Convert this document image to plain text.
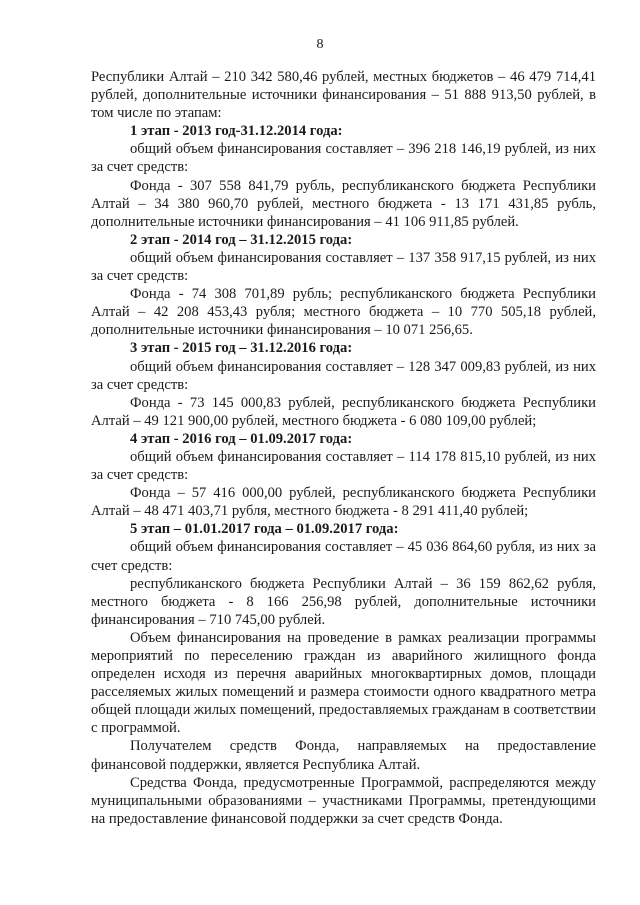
8

Республики Алтай – 210 342 580,46 рублей, местных бюджетов – 46 479 714,41 рублей, дополнительные источники финансирования – 51 888 913,50 рублей, в том числе по этапам:

1 этап - 2013 год-31.12.2014 года:

общий объем финансирования составляет – 396 218 146,19 рублей, из них за счет средств:

Фонда - 307 558 841,79 рубль, республиканского бюджета Республики Алтай – 34 380 960,70 рублей, местного бюджета - 13 171 431,85 рубль, дополнительные источники финансирования – 41 106 911,85 рублей.

2 этап - 2014 год – 31.12.2015 года:

общий объем финансирования составляет – 137 358 917,15 рублей, из них за счет средств:

Фонда - 74 308 701,89 рубль; республиканского бюджета Республики Алтай – 42 208 453,43 рубля; местного бюджета – 10 770 505,18 рублей, дополнительные источники финансирования – 10 071 256,65.

3 этап - 2015 год – 31.12.2016 года:

общий объем финансирования составляет – 128 347 009,83 рублей, из них за счет средств:

Фонда - 73 145 000,83 рублей, республиканского бюджета Республики Алтай – 49 121 900,00 рублей, местного бюджета - 6 080 109,00 рублей;

4 этап - 2016 год – 01.09.2017 года:

общий объем финансирования составляет – 114 178 815,10 рублей, из них за счет средств:

Фонда – 57 416 000,00 рублей, республиканского бюджета Республики Алтай – 48 471 403,71 рубля, местного бюджета - 8 291 411,40 рублей;

5 этап – 01.01.2017 года – 01.09.2017 года:

общий объем финансирования составляет – 45 036 864,60 рубля, из них за счет средств:

республиканского бюджета Республики Алтай – 36 159 862,62 рубля, местного бюджета - 8 166 256,98 рублей, дополнительные источники финансирования – 710 745,00 рублей.

Объем финансирования на проведение в рамках реализации программы мероприятий по переселению граждан из аварийного жилищного фонда определен исходя из перечня аварийных многоквартирных домов, площади расселяемых жилых помещений и размера стоимости одного квадратного метра общей площади жилых помещений, предоставляемых гражданам в соответствии с программой.

Получателем средств Фонда, направляемых на предоставление финансовой поддержки, является Республика Алтай.

Средства Фонда, предусмотренные Программой, распределяются между муниципальными образованиями – участниками Программы, претендующими на предоставление финансовой поддержки за счет средств Фонда.
